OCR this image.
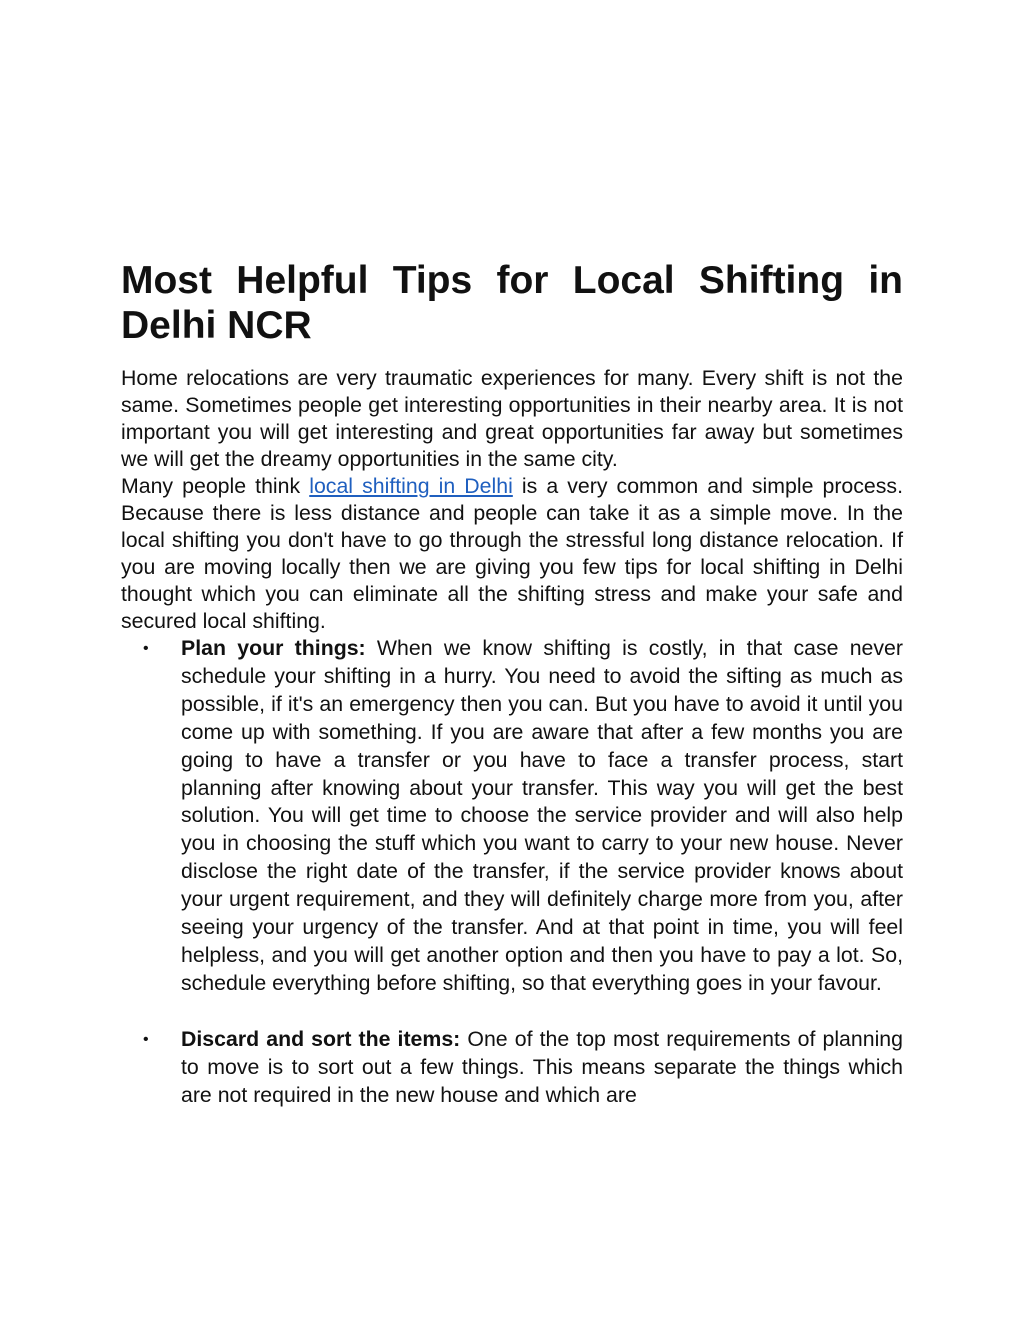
Most Helpful Tips for Local Shifting in
Delhi NCR

Home relocations are very traumatic experiences for many. Every shift is not the same. Sometimes people get interesting opportunities in their nearby area. It is not important you will get interesting and great opportunities far away but sometimes we will get the dreamy opportunities in the same city.

Many people think local shifting in Delhi is a very common and simple process. Because there is less distance and people can take it as a simple move. In the local shifting you don't have to go through the stressful long distance relocation. If you are moving locally then we are giving you few tips for local shifting in Delhi thought which you can eliminate all the shifting stress and make your safe and secured local shifting.

• Plan your things: When we know shifting is costly, in that case never schedule your shifting in a hurry. You need to avoid the sifting as much as possible, if it's an emergency then you can. But you have to avoid it until you come up with something. If you are aware that after a few months you are going to have a transfer or you have to face a transfer process, start planning after knowing about your transfer. This way you will get the best solution. You will get time to choose the service provider and will also help you in choosing the stuff which you want to carry to your new house. Never disclose the right date of the transfer, if the service provider knows about your urgent requirement, and they will definitely charge more from you, after seeing your urgency of the transfer. And at that point in time, you will feel helpless, and you will get another option and then you have to pay a lot. So, schedule everything before shifting, so that everything goes in your favour.
• Discard and sort the items: One of the top most requirements of planning to move is to sort out a few things. This means separate the things which are not required in the new house and which are
